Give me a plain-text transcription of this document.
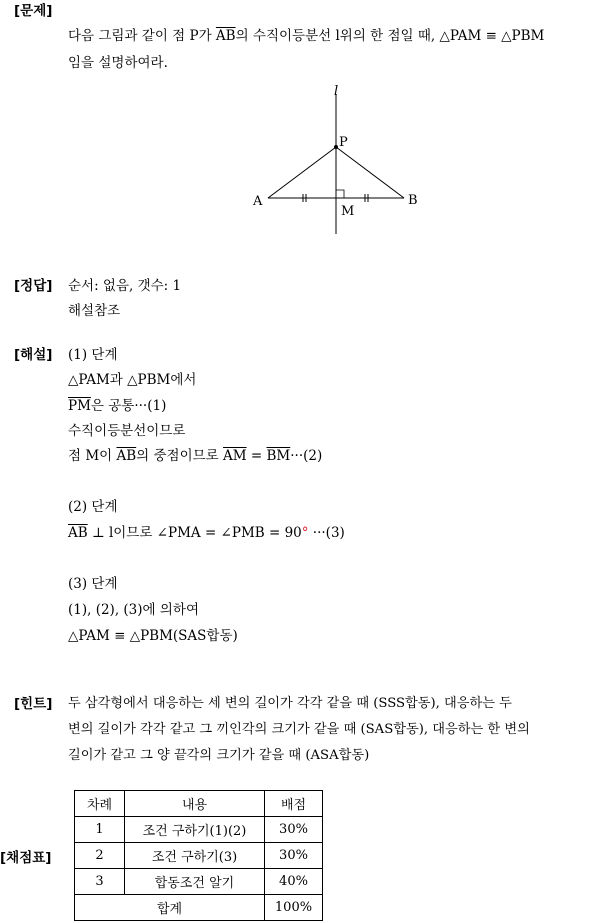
[문제]
다음 그림과 같이 점 P가 $\overline{AB}$의 수직이등분선 l위의 한 점일 때, △PAM ≡ △PBM
임을 설명하여라.
l
P
A	B
M
[정답] 순서: 없음, 갯수: 1
해설참조
[해설] (1) 단계
△PAM과 △PBM에서
$\overline{PM}$은 공통···(1)
수직이등분선이므로
점 M이 $\overline{AB}$의 중점이므로 $\overline{AM} = \overline{BM}\cdot\cdot\cdot(2)$
(2) 단계
$\overline{AB}$ ⊥ l이므로 ∠PMA = ∠PMB = 90° ···(3)
(3) 단계
(1), (2), (3)에 의하여
△PAM ≡ △PBM(SAS합동)
[힌트] 두 삼각형에서 대응하는 세 변의 길이가 각각 같을 때 (SSS합동), 대응하는 두
변의 길이가 각각 같고 그 끼인각의 크기가 같을 때 (SAS합동), 대응하는 한 변의
길이가 같고 그 양 끝각의 크기가 같을 때 (ASA합동)
[채점표]
차례	내용	배점
1	조건 구하기(1)(2)	30%
2	조건 구하기(3)	30%
3	합동조건 알기	40%
합계		100%
